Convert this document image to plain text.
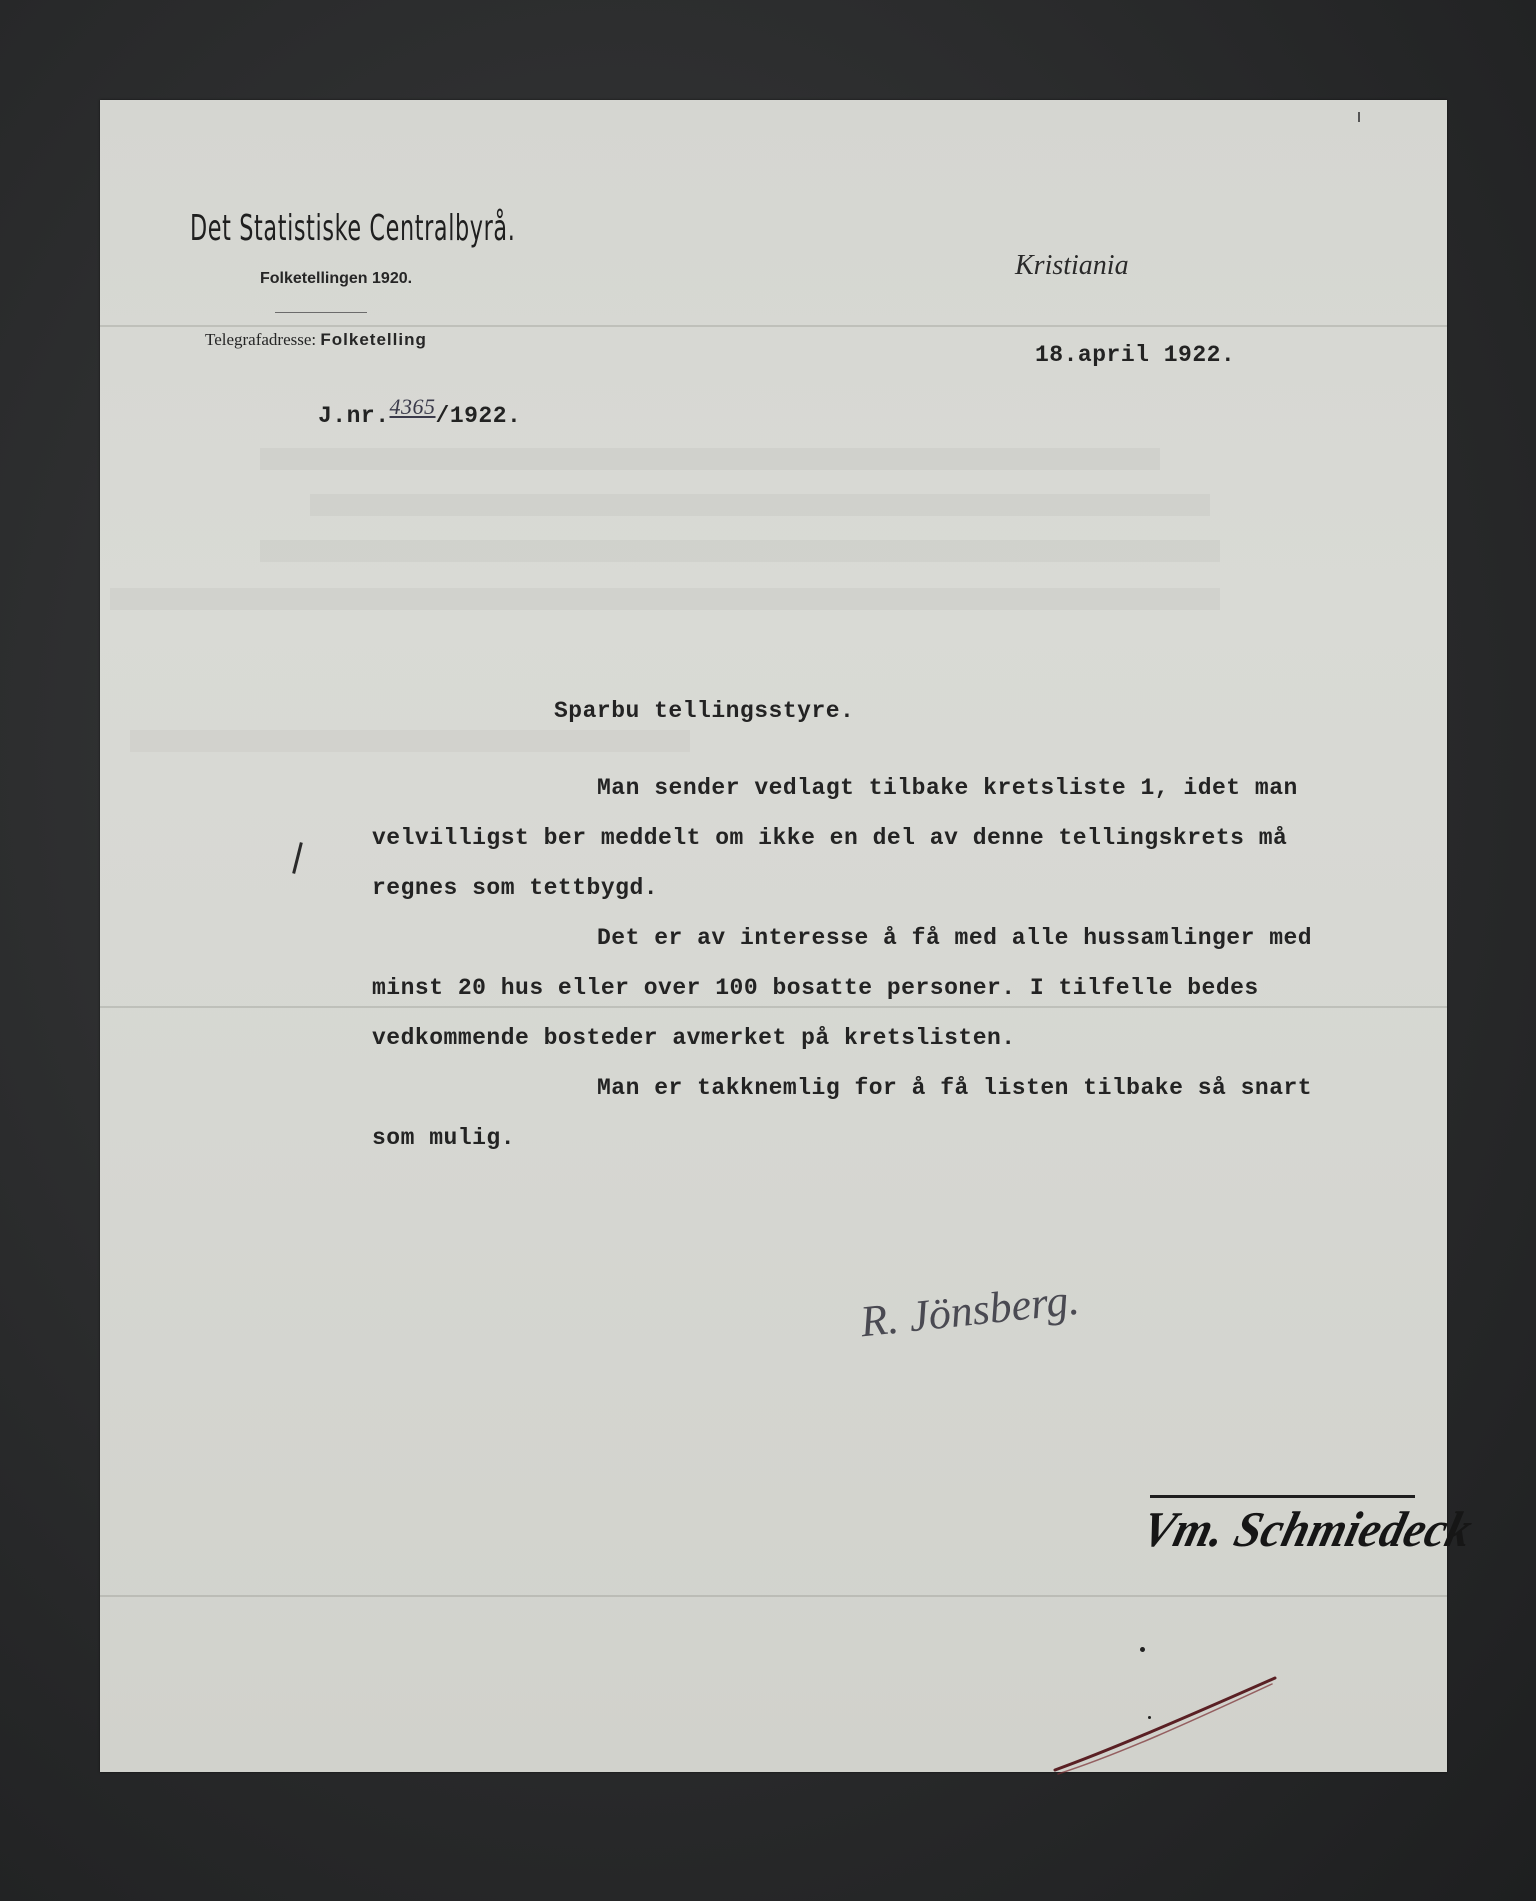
Det Statistiske Centralbyrå.
Folketellingen 1920.
Telegrafadresse: Folketelling
Kristiania
18.april 1922.
J.nr.4365/1922.
Sparbu tellingsstyre.
Man sender vedlagt tilbake kretsliste 1, idet man
velvilligst ber meddelt om ikke en del av denne tellingskrets må
regnes som tettbygd.
Det er av interesse å få med alle hussamlinger med
minst 20 hus eller over 100 bosatte personer. I tilfelle bedes
vedkommende bosteder avmerket på kretslisten.
Man er takknemlig for å få listen tilbake så snart
som mulig.
R. Jönsberg.
Vm. Schmiedeck
